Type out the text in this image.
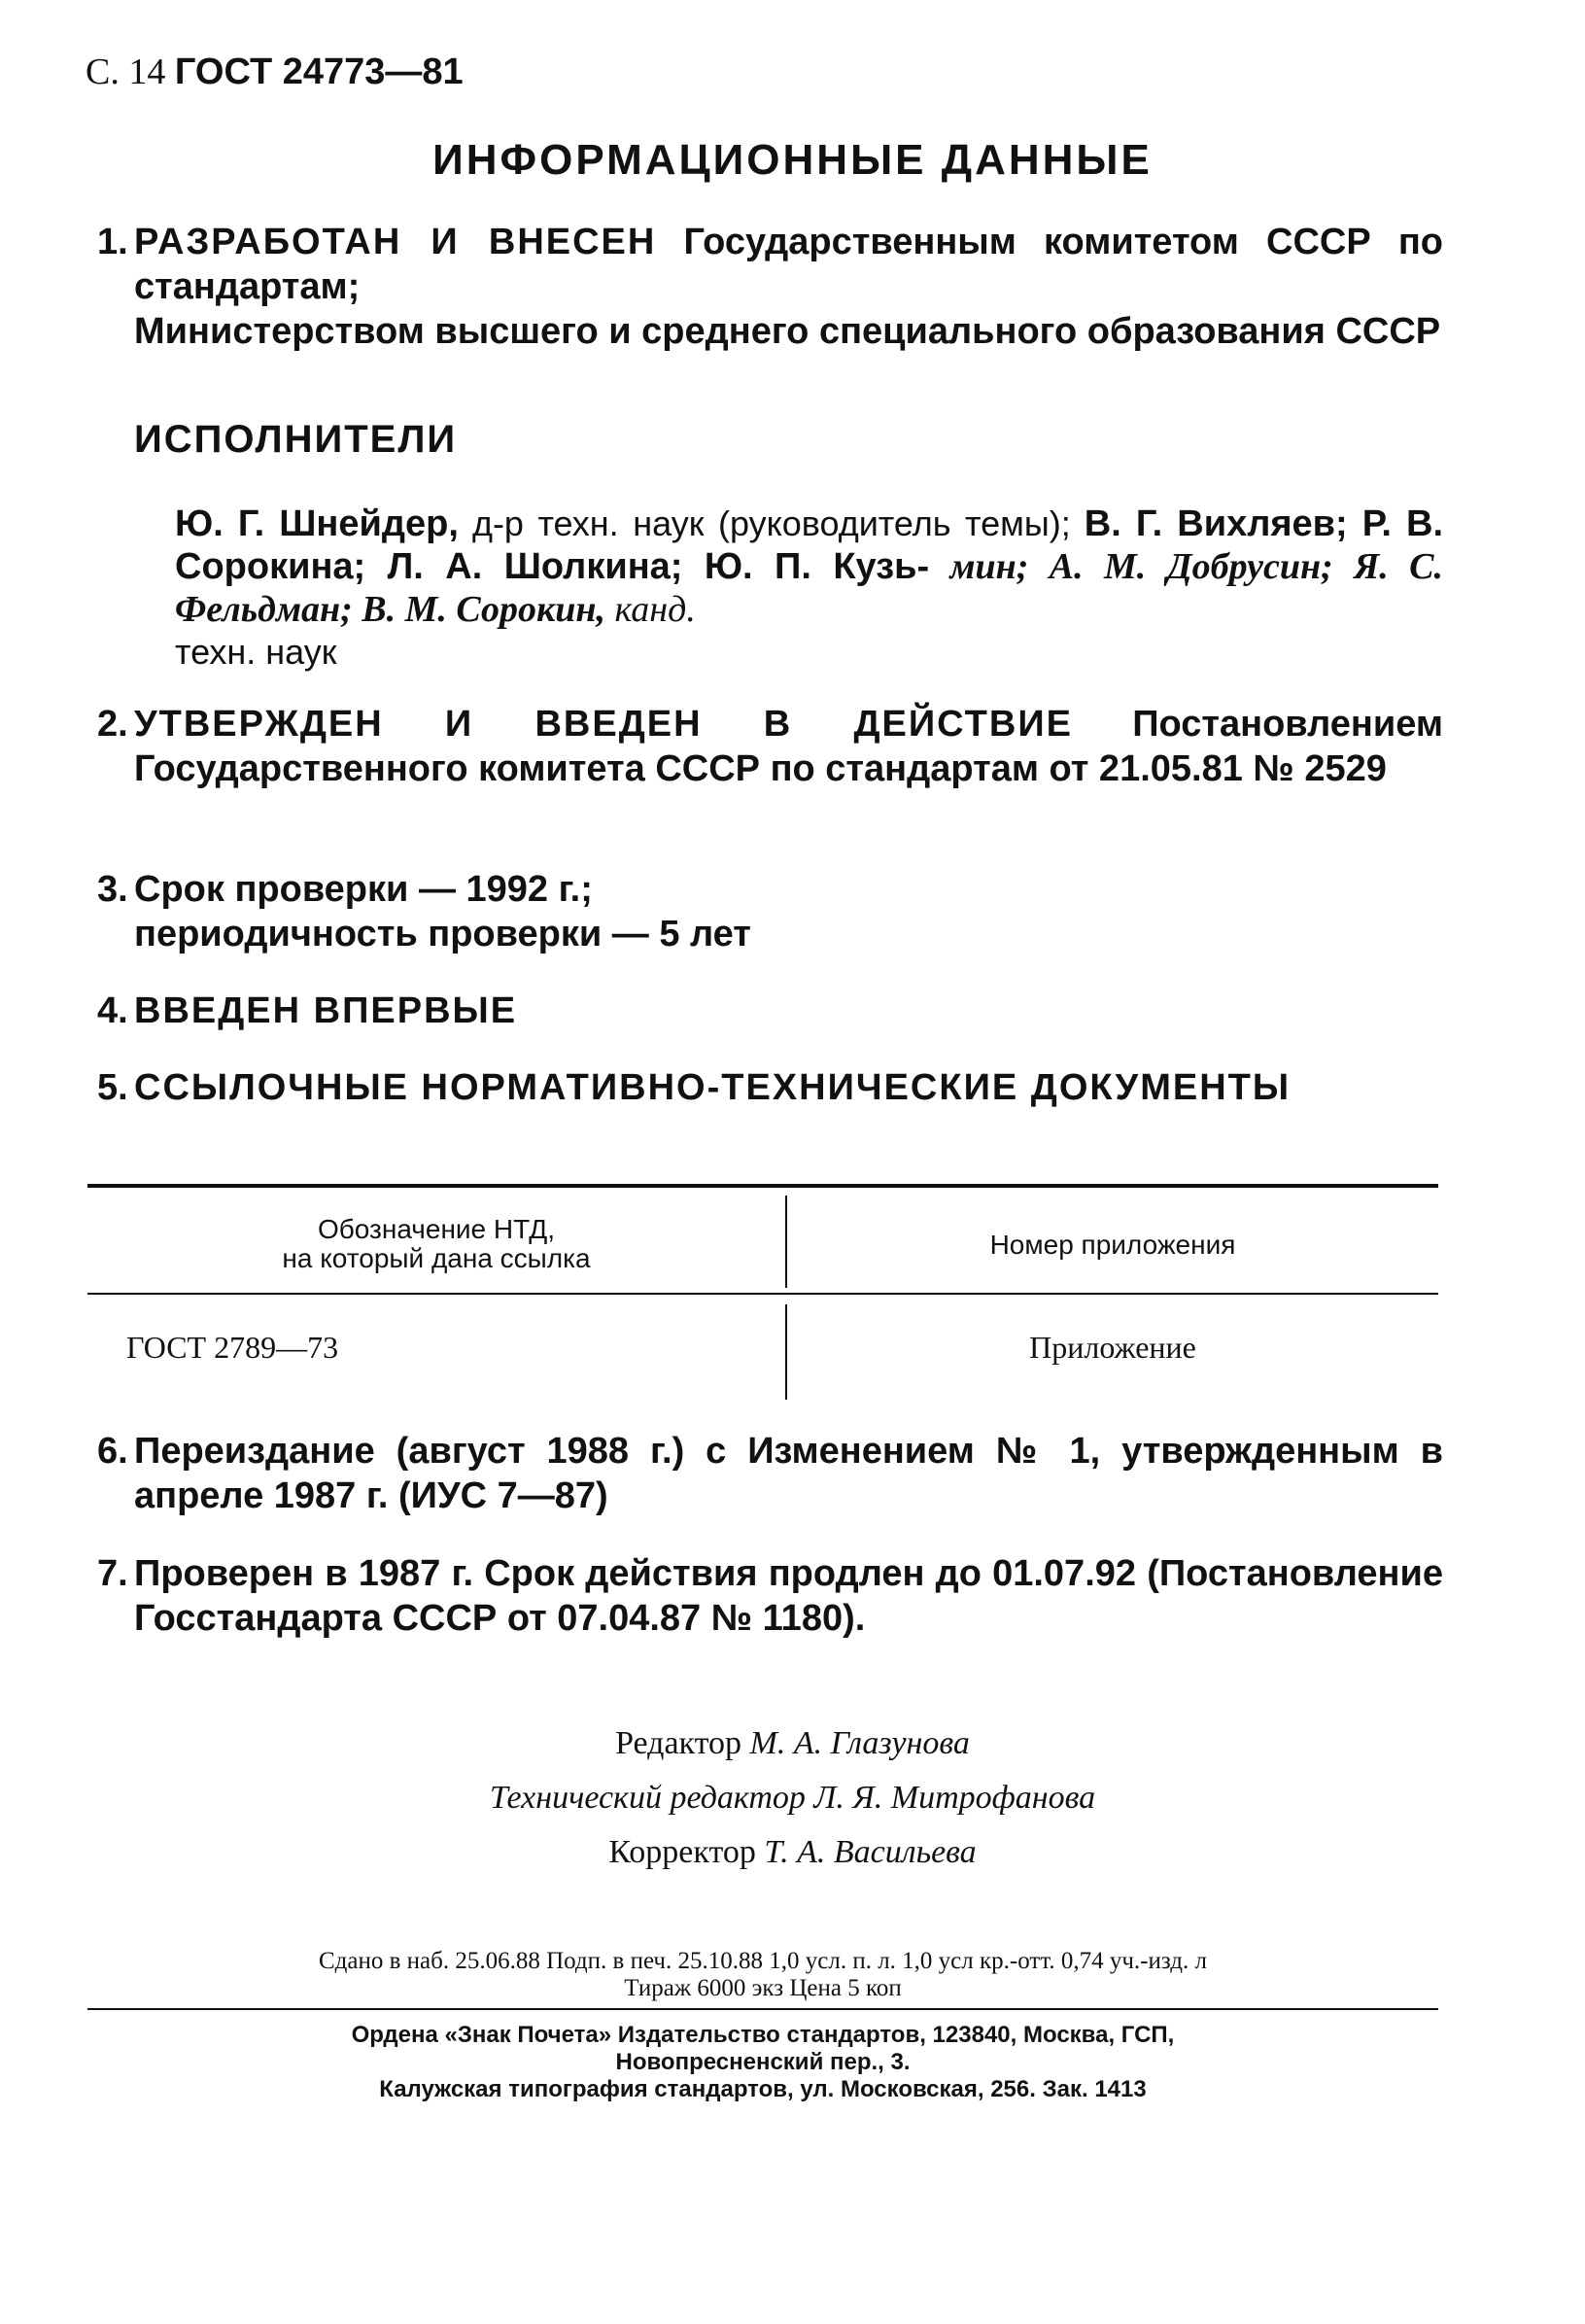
С. 14 ГОСТ 24773—81
ИНФОРМАЦИОННЫЕ ДАННЫЕ
1. РАЗРАБОТАН И ВНЕСЕН Государственным комитетом СССР по стандартам;
Министерством высшего и среднего специального образования СССР
ИСПОЛНИТЕЛИ
Ю. Г. Шнейдер, д-р техн. наук (руководитель темы); В. Г. Вихляев; Р. В. Сорокина; Л. А. Шолкина; Ю. П. Кузь- мин; А. М. Добрусин; Я. С. Фельдман; В. М. Сорокин, канд.
техн. наук
2. УТВЕРЖДЕН И ВВЕДЕН В ДЕЙСТВИЕ Постановлением Государственного комитета СССР по стандартам от 21.05.81 № 2529
3. Срок проверки — 1992 г.;
периодичность проверки — 5 лет
4. ВВЕДЕН ВПЕРВЫЕ
5. ССЫЛОЧНЫЕ НОРМАТИВНО-ТЕХНИЧЕСКИЕ ДОКУМЕНТЫ
Обозначение НТД,
на который дана ссылка	Номер приложения
ГОСТ 2789—73	Приложение
6. Переиздание (август 1988 г.) с Изменением № 1, утвержденным в апреле 1987 г. (ИУС 7—87)
7. Проверен в 1987 г. Срок действия продлен до 01.07.92 (Постановление Госстандарта СССР от 07.04.87 № 1180).
Редактор М. А. Глазунова
Технический редактор Л. Я. Митрофанова
Корректор Т. А. Васильева
Сдано в наб. 25.06.88 Подп. в печ. 25.10.88 1,0 усл. п. л. 1,0 усл кр.-отт. 0,74 уч.-изд. л
Тираж 6000 экз Цена 5 коп
Ордена «Знак Почета» Издательство стандартов, 123840, Москва, ГСП,
Новопресненский пер., 3.
Калужская типография стандартов, ул. Московская, 256. Зак. 1413
